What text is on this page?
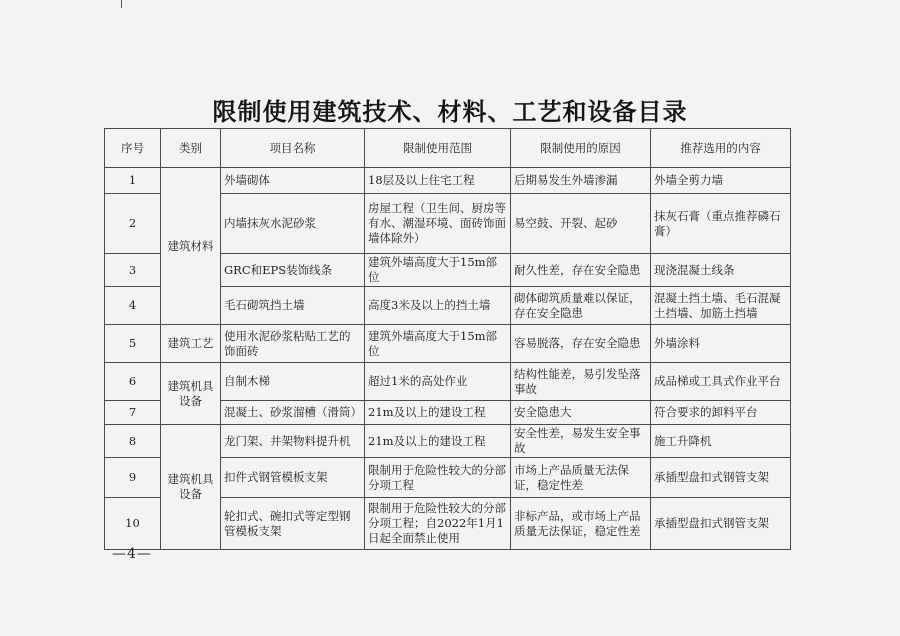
限制使用建筑技术、材料、工艺和设备目录
序号	类别	项目名称	限制使用范围	限制使用的原因	推荐选用的内容
1	建筑材料	外墙砌体	18层及以上住宅工程	后期易发生外墙渗漏	外墙全剪力墙
2		内墙抹灰水泥砂浆	房屋工程（卫生间、厨房等有水、潮湿环境、面砖饰面墙体除外）	易空鼓、开裂、起砂	抹灰石膏（重点推荐磷石膏）
3		GRC和EPS装饰线条	建筑外墙高度大于15m部位	耐久性差，存在安全隐患	现浇混凝土线条
4		毛石砌筑挡土墙	高度3米及以上的挡土墙	砌体砌筑质量难以保证，存在安全隐患	混凝土挡土墙、毛石混凝土挡墙、加筋土挡墙
5	建筑工艺	使用水泥砂浆粘贴工艺的饰面砖	建筑外墙高度大于15m部位	容易脱落，存在安全隐患	外墙涂料
6	建筑机具设备	自制木梯	超过1米的高处作业	结构性能差，易引发坠落事故	成品梯或工具式作业平台
7		混凝土、砂浆溜槽（滑筒）	21m及以上的建设工程	安全隐患大	符合要求的卸料平台
8	建筑机具设备	龙门架、井架物料提升机	21m及以上的建设工程	安全性差，易发生安全事故	施工升降机
9		扣件式钢管模板支架	限制用于危险性较大的分部分项工程	市场上产品质量无法保证，稳定性差	承插型盘扣式钢管支架
10		轮扣式、碗扣式等定型钢管模板支架	限制用于危险性较大的分部分项工程；自2022年1月1日起全面禁止使用	非标产品，或市场上产品质量无法保证，稳定性差	承插型盘扣式钢管支架
—4—
